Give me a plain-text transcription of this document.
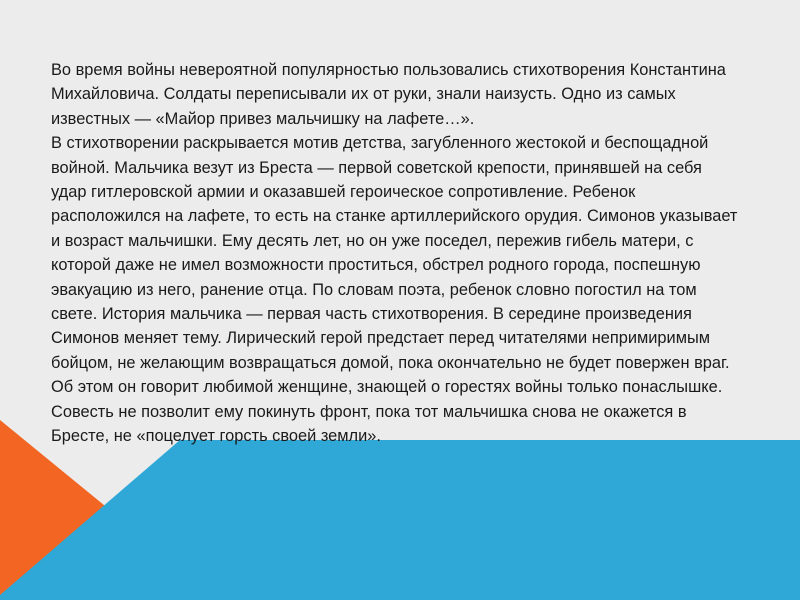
Во время войны невероятной популярностью пользовались стихотворения Константина Михайловича. Солдаты переписывали их от руки, знали наизусть. Одно из самых известных — «Майор привез мальчишку на лафете…».

В стихотворении раскрывается мотив детства, загубленного жестокой и беспощадной войной. Мальчика везут из Бреста — первой советской крепости, принявшей на себя удар гитлеровской армии и оказавшей героическое сопротивление. Ребенок расположился на лафете, то есть на станке артиллерийского орудия. Симонов указывает и возраст мальчишки. Ему десять лет, но он уже поседел, пережив гибель матери, с которой даже не имел возможности проститься, обстрел родного города, поспешную эвакуацию из него, ранение отца. По словам поэта, ребенок словно погостил на том свете. История мальчика — первая часть стихотворения. В середине произведения Симонов меняет тему. Лирический герой предстает перед читателями непримиримым бойцом, не желающим возвращаться домой, пока окончательно не будет повержен враг. Об этом он говорит любимой женщине, знающей о горестях войны только понаслышке. Совесть не позволит ему покинуть фронт, пока тот мальчишка снова не окажется в Бресте, не «поцелует горсть своей земли».
